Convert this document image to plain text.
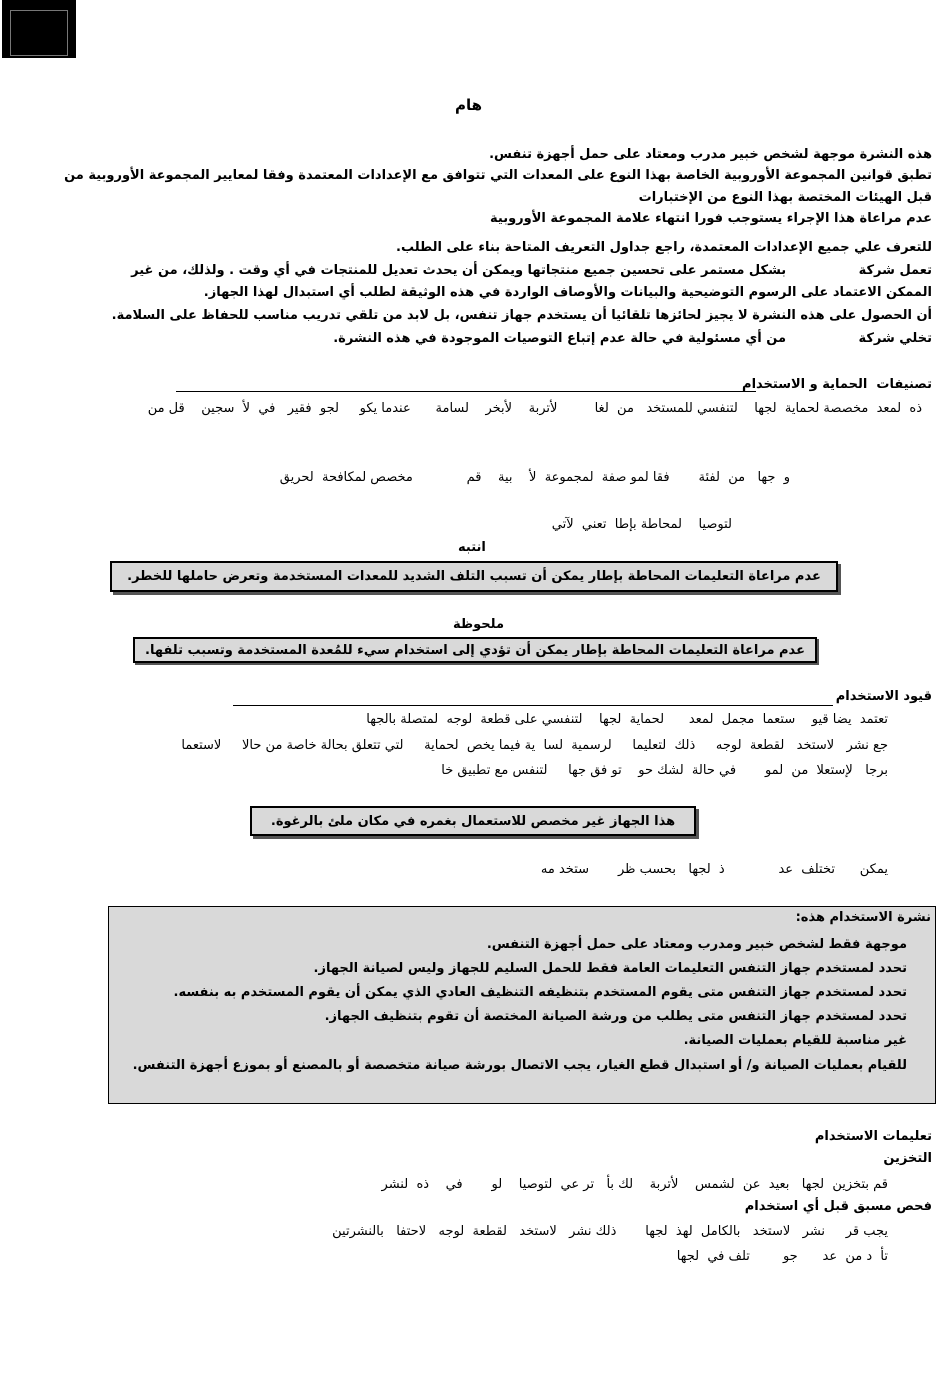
هام
هذه النشرة موجهة لشخص خبير مدرب ومعتاد على حمل أجهزة تنفس.
تطبق قوانين المجموعة الأوروبية الخاصة بهذا النوع على المعدات التي تتوافق مع الإعدادات المعتمدة وفقا لمعايير المجموعة الأوروبية من
قبل الهيئات المختصة بهذا النوع من الإختبارات
عدم مراعاة هذا الإجراء يستوجب فورا انتهاء علامة المجموعة الأوروبية
للتعرف علي جميع الإعدادات المعتمدة، راجع جداول التعريف المتاحة بناء على الطلب.
تعمل شركة                بشكل مستمر على تحسين جميع منتجاتها ويمكن أن يحدث تعديل للمنتجات في أي وقت . ولذلك، من غير
الممكن الاعتماد على الرسوم التوضيحية والبيانات والأوصاف الواردة في هذه الوثيقة لطلب أي استبدال لهذا الجهاز.
أن الحصول على هذه النشرة لا يجيز لحائزها تلقائيا أن يستخدم جهاز تنفس، بل لابد من تلقي تدريب مناسب للحفاظ على السلامة.
تخلي شركة                من أي مسئولية في حالة عدم إتباع التوصيات الموجودة في هذه النشرة.
تصنيفات  الحماية و الاستخدام
ذه  لمعد  مخصصة لحماية  لجها    لتنفسي للمستخد   من  لغا         لأتربة    لأبخر    لسامة      عندما يكو     لجو  فقير   في  لأ  سجين    قل من
و  جها   من  لفئة       فقا لمو صفة  لمجموعة  لأ    بية    قم             مخصص لمكافحة  لحريق
لتوصيا    لمحاطة بإطا  تعني  لآتي
انتبه
عدم مراعاة التعليمات المحاطة بإطار يمكن أن تسبب التلف الشديد للمعدات المستخدمة وتعرض حاملها للخطر.
ملحوظة
عدم مراعاة التعليمات المحاطة بإطار يمكن أن تؤدي إلى استخدام سيء للمُعدة المستخدمة وتسبب تلفها.
قيود الاستخدام
تعتمد  يضا قيو    ستعما  مجمل  لمعد      لحماية  لجها    لتنفسي على قطعة  لوجه  لمتصلة بالجها
جع نشر   لاستخد   لقطعة  لوجه     ذلك  لتعليما     لرسمية  لسا  ية فيما يخص  لحماية     لتي تتعلق بحالة خاصة من حالا     لاستعما
برجا   لإستعلا  من  لمو       في حالة  لشك حو    تو فق جها     لتنفس مع تطبيق خا
هذا الجهاز غير مخصص للاستعمال بغمره في مكان ملئ بالرغوة.
يمكن      تختلف  عد             ذ  لجها   بحسب ظر       ستخد مه
نشرة الاستخدام هذه:
موجهة فقط لشخص خبير ومدرب ومعتاد على حمل أجهزة التنفس.
تحدد لمستخدم جهاز التنفس التعليمات العامة فقط للحمل السليم للجهاز وليس لصيانة الجهاز.
تحدد لمستخدم جهاز التنفس متى يقوم المستخدم بتنظيفه التنظيف العادي الذي يمكن أن يقوم المستخدم به بنفسه.
تحدد لمستخدم جهاز التنفس متى يطلب من ورشة الصيانة المختصة أن تقوم بتنظيف الجهاز.
غير مناسبة للقيام بعمليات الصيانة.
للقيام بعمليات الصيانة و/ أو استبدال قطع الغيار، يجب الاتصال بورشة صيانة متخصصة أو بالمصنع أو بموزع أجهزة التنفس.
تعليمات الاستخدام
التخزين
قم بتخزين  لجها   بعيد  عن  لشمس    لأتربة    لك بأ   تر عي  لتوصيا    لو       في    ذه  لنشر
فحص مسبق قبل أي استخدام
يجب قر     نشر   لاستخد   بالكامل  لهذ  لجها       ذلك نشر   لاستخد   لقطعة  لوجه   لاحتفا   بالنشرتين
تأ  د من  عد      جو        تلف في  لجها
